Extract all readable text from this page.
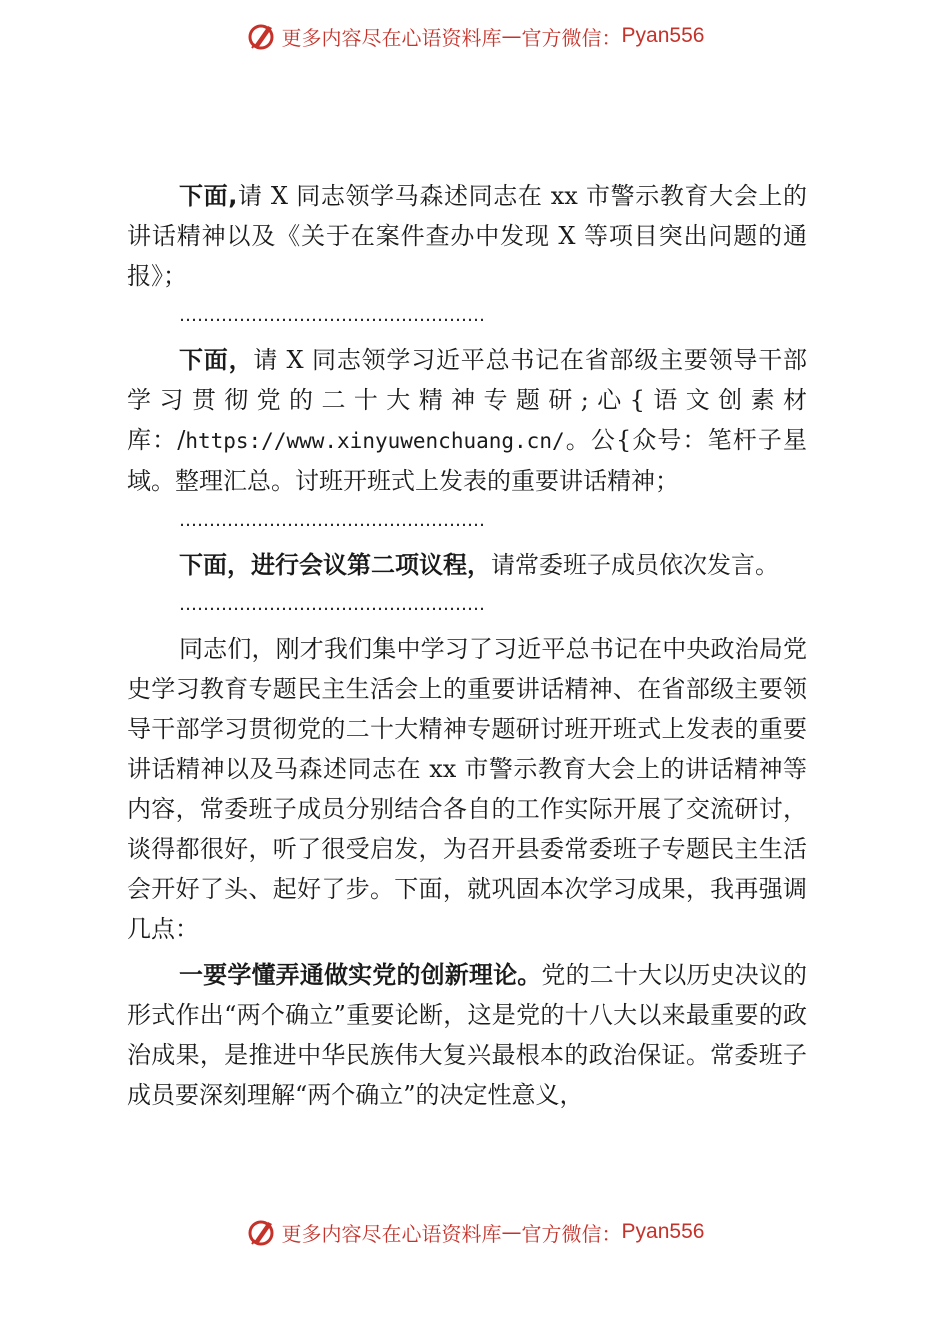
更多内容尽在心语资料库 — 官方微信： Pyan556

下面,请 X 同志领学马森述同志在 xx 市警示教育大会上的讲话精神以及《关于在案件查办中发现 X 等项目突出问题的通报》；

……………………………………………

下面，请 X 同志领学习近平总书记在省部级主要领导干部学习贯彻党的二十大精神专题研;心{语文创素材库：/https://www.xinyuwenchuang.cn/。公{众号：笔杆子星域。整理汇总。讨班开班式上发表的重要讲话精神；

……………………………………………

下面，进行会议第二项议程，请常委班子成员依次发言。

……………………………………………

同志们，刚才我们集中学习了习近平总书记在中央政治局党史学习教育专题民主生活会上的重要讲话精神、在省部级主要领导干部学习贯彻党的二十大精神专题研讨班开班式上发表的重要讲话精神以及马森述同志在 xx 市警示教育大会上的讲话精神等内容，常委班子成员分别结合各自的工作实际开展了交流研讨，谈得都很好，听了很受启发，为召开县委常委班子专题民主生活会开好了头、起好了步。下面，就巩固本次学习成果，我再强调几点：

一要学懂弄通做实党的创新理论。党的二十大以历史决议的形式作出“两个确立”重要论断，这是党的十八大以来最重要的政治成果，是推进中华民族伟大复兴最根本的政治保证。常委班子成员要深刻理解“两个确立”的决定性意义，

更多内容尽在心语资料库 — 官方微信： Pyan556
